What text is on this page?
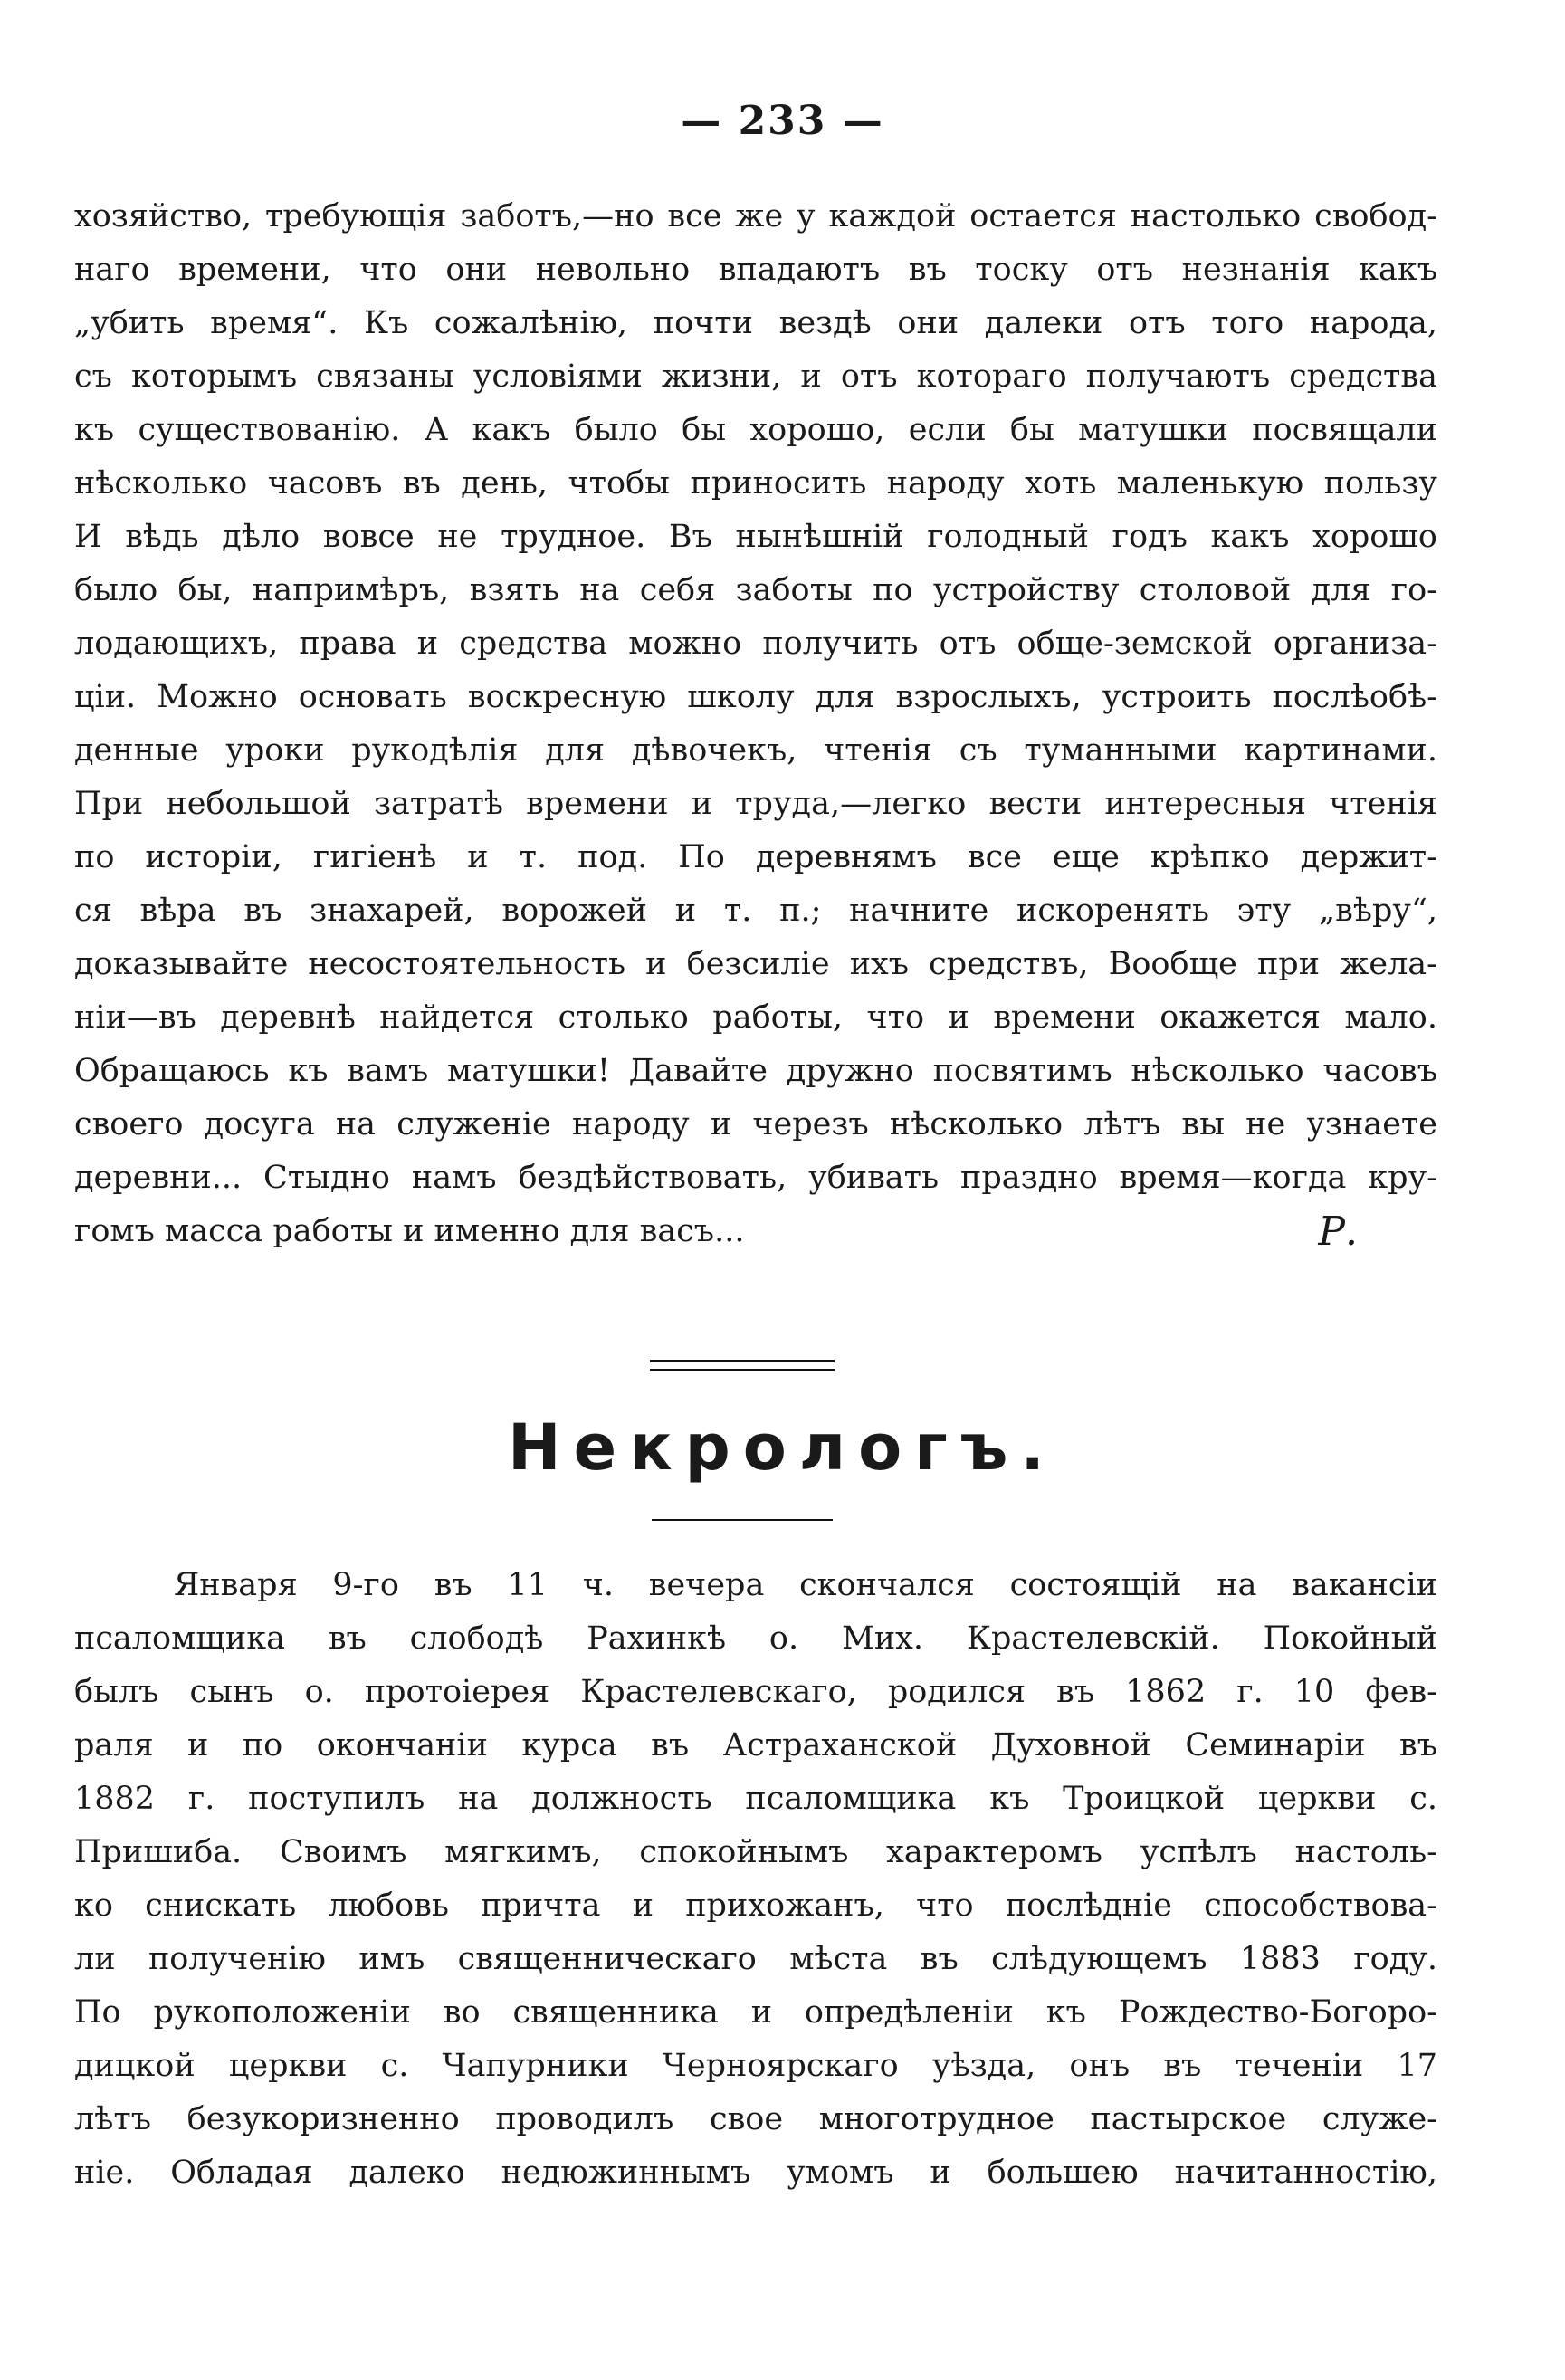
— 233 —
хозяйство, требующія заботъ,—но все же у каждой остается настолько свобод-
наго времени, что они невольно впадаютъ въ тоску отъ незнанія какъ
„убить время“. Къ сожалѣнію, почти вездѣ они далеки отъ того народа,
съ которымъ связаны условіями жизни, и отъ котораго получаютъ средства
къ существованію. А какъ было бы хорошо, если бы матушки посвящали
нѣсколько часовъ въ день, чтобы приносить народу хоть маленькую пользу
И вѣдь дѣло вовсе не трудное. Въ нынѣшній голодный годъ какъ хорошо
было бы, напримѣръ, взять на себя заботы по устройству столовой для го-
лодающихъ, права и средства можно получить отъ обще-земской организа-
ціи. Можно основать воскресную школу для взрослыхъ, устроить послѣобѣ-
денные уроки рукодѣлія для дѣвочекъ, чтенія съ туманными картинами.
При небольшой затратѣ времени и труда,—легко вести интересныя чтенія
по исторіи, гигіенѣ и т. под. По деревнямъ все еще крѣпко держит-
ся вѣра въ знахарей, ворожей и т. п.; начните искоренять эту „вѣру“,
доказывайте несостоятельность и безсиліе ихъ средствъ, Вообще при жела-
ніи—въ деревнѣ найдется столько работы, что и времени окажется мало.
Обращаюсь къ вамъ матушки! Давайте дружно посвятимъ нѣсколько часовъ
своего досуга на служеніе народу и черезъ нѣсколько лѣтъ вы не узнаете
деревни... Стыдно намъ бездѣйствовать, убивать праздно время—когда кру-
гомъ масса работы и именно для васъ...	Р.
Некрологъ.
Января 9-го въ 11 ч. вечера скончался состоящій на вакансіи
псаломщика въ слободѣ Рахинкѣ о. Мих. Крастелевскій. Покойный
былъ сынъ о. протоіерея Крастелевскаго, родился въ 1862 г. 10 фев-
раля и по окончаніи курса въ Астраханской Духовной Семинаріи въ
1882 г. поступилъ на должность псаломщика къ Троицкой церкви с.
Пришиба. Своимъ мягкимъ, спокойнымъ характеромъ успѣлъ настоль-
ко снискать любовь причта и прихожанъ, что послѣдніе способствова-
ли полученію имъ священническаго мѣста въ слѣдующемъ 1883 году.
По рукоположеніи во священника и опредѣленіи къ Рождество-Богоро-
дицкой церкви с. Чапурники Черноярскаго уѣзда, онъ въ теченіи 17
лѣтъ безукоризненно проводилъ свое многотрудное пастырское служе-
ніе. Обладая далеко недюжиннымъ умомъ и большею начитанностію,
